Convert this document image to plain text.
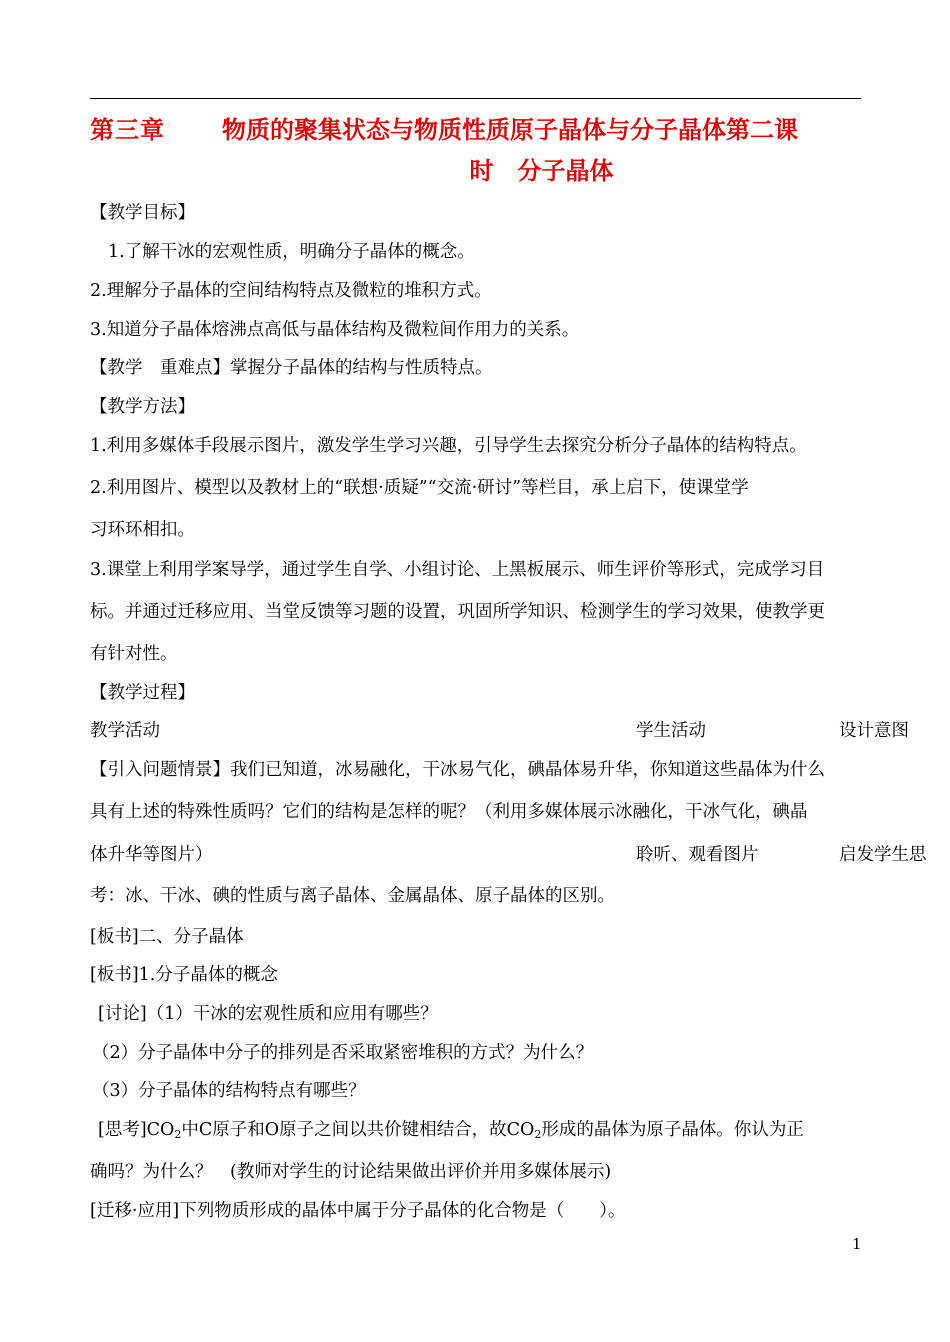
第三章 物质的聚集状态与物质性质原子晶体与分子晶体第二课
时　分子晶体
【教学目标】
1.了解干冰的宏观性质，明确分子晶体的概念。
2.理解分子晶体的空间结构特点及微粒的堆积方式。
3.知道分子晶体熔沸点高低与晶体结构及微粒间作用力的关系。
【教学　重难点】掌握分子晶体的结构与性质特点。
【教学方法】
1.利用多媒体手段展示图片，激发学生学习兴趣，引导学生去探究分析分子晶体的结构特点。
2.利用图片、模型以及教材上的“联想·质疑”“交流·研讨”等栏目，承上启下，使课堂学
习环环相扣。
3.课堂上利用学案导学，通过学生自学、小组讨论、上黑板展示、师生评价等形式，完成学习目
标。并通过迁移应用、当堂反馈等习题的设置，巩固所学知识、检测学生的学习效果，使教学更
有针对性。
【教学过程】
教学活动	学生活动	设计意图
【引入问题情景】我们已知道，冰易融化，干冰易气化，碘晶体易升华，你知道这些晶体为什么
具有上述的特殊性质吗？它们的结构是怎样的呢？（利用多媒体展示冰融化，干冰气化，碘晶
体升华等图片）	聆听、观看图片	启发学生思
考：冰、干冰、碘的性质与离子晶体、金属晶体、原子晶体的区别。
[板书]二、分子晶体
[板书]1.分子晶体的概念
[讨论]（1）干冰的宏观性质和应用有哪些？
（2）分子晶体中分子的排列是否采取紧密堆积的方式？为什么？
（3）分子晶体的结构特点有哪些？
[思考]$CO_2$中C原子和O原子之间以共价键相结合，故$CO_2$形成的晶体为原子晶体。你认为正
确吗？为什么？　(教师对学生的讨论结果做出评价并用多媒体展示)
[迁移·应用]下列物质形成的晶体中属于分子晶体的化合物是（　　）。
1
